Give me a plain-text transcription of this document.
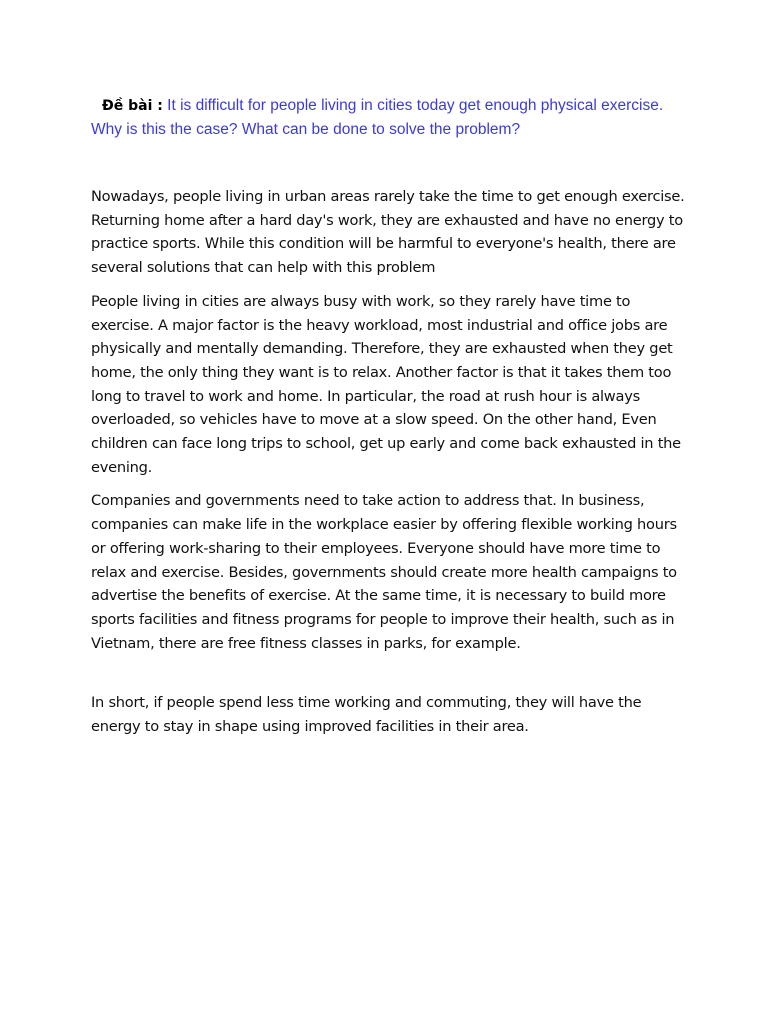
Đề bài : It is difficult for people living in cities today get enough physical exercise. Why is this the case? What can be done to solve the problem?

Nowadays, people living in urban areas rarely take the time to get enough exercise. Returning home after a hard day's work, they are exhausted and have no energy to practice sports. While this condition will be harmful to everyone's health, there are several solutions that can help with this problem

People living in cities are always busy with work, so they rarely have time to exercise. A major factor is the heavy workload, most industrial and office jobs are physically and mentally demanding. Therefore, they are exhausted when they get home, the only thing they want is to relax. Another factor is that it takes them too long to travel to work and home. In particular, the road at rush hour is always overloaded, so vehicles have to move at a slow speed. On the other hand, Even children can face long trips to school, get up early and come back exhausted in the evening.

Companies and governments need to take action to address that. In business, companies can make life in the workplace easier by offering flexible working hours or offering work-sharing to their employees. Everyone should have more time to relax and exercise. Besides, governments should create more health campaigns to advertise the benefits of exercise. At the same time, it is necessary to build more sports facilities and fitness programs for people to improve their health, such as in Vietnam, there are free fitness classes in parks, for example.

In short, if people spend less time working and commuting, they will have the energy to stay in shape using improved facilities in their area.
